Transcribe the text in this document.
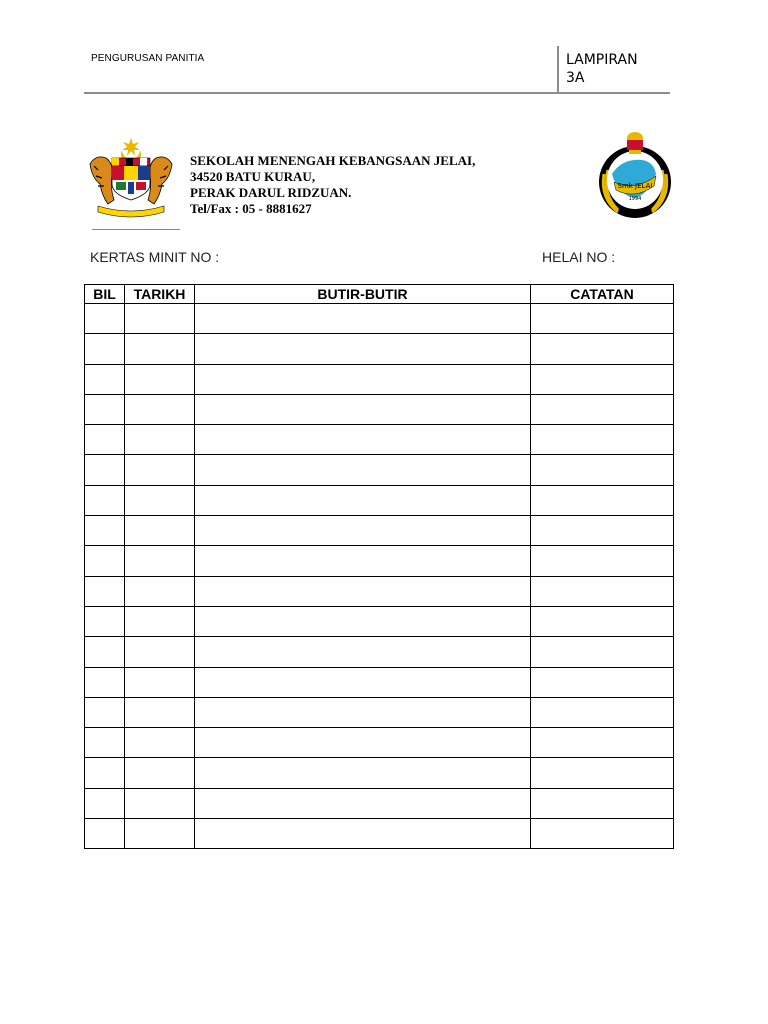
PENGURUSAN PANITIA	LAMPIRAN
3A
SEKOLAH MENENGAH KEBANGSAAN JELAI,
34520 BATU KURAU,
PERAK DARUL RIDZUAN.
Tel/Fax : 05 - 8881627
Smk JELAI
1994
KERTAS MINIT NO :	HELAI NO :
BIL	TARIKH	BUTIR-BUTIR	CATATAN
